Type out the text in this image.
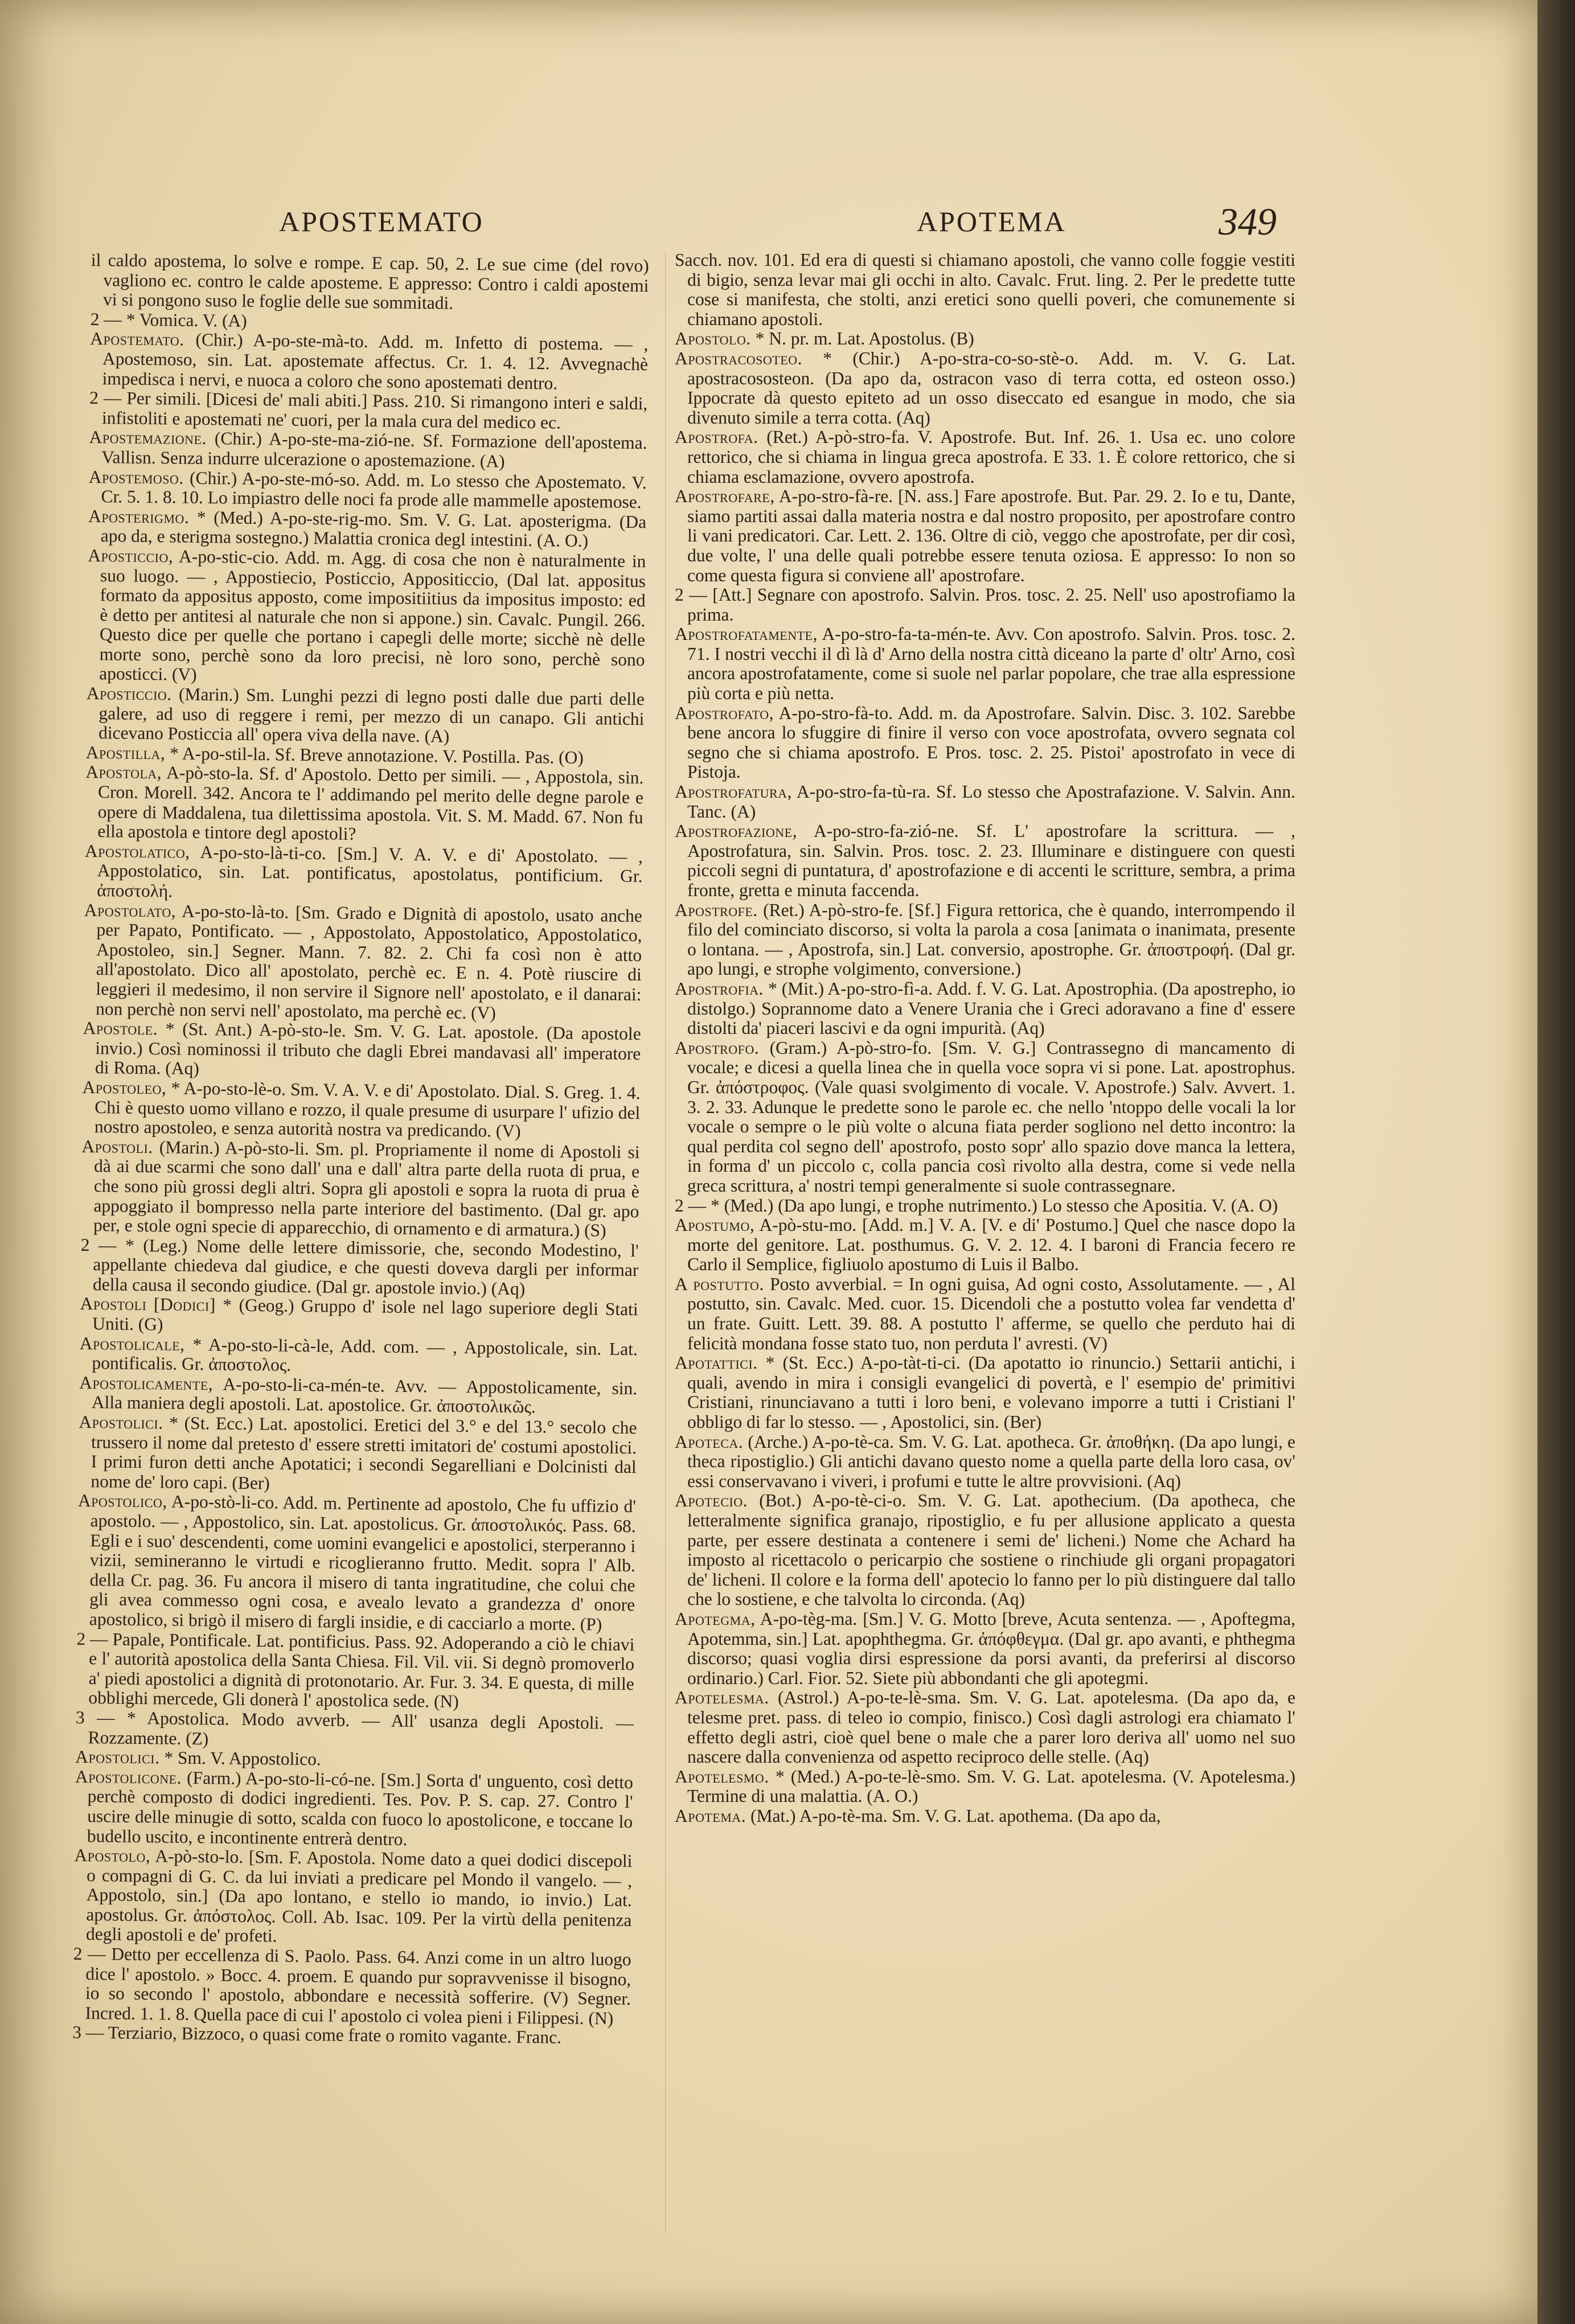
APOSTEMATO	APOTEMA	349

il caldo apostema, lo solve e rompe. E cap. 50, 2. Le sue cime (del rovo) vagliono ec. contro le calde apostemе. E appresso: Contro i caldi apostemi vi si pongono suso le foglie delle sue sommitadi.

2 — * Vomica. V. (A)

Apostemato. (Chir.) A-po-ste-mà-to. Add. m. Infetto di postema. — , Apostemoso, sin. Lat. apostemate affectus. Cr. 1. 4. 12. Avvegnachè impedisca i nervi, e nuoca a coloro che sono apostemati dentro.

2 — Per simili. [Dicesi de' mali abiti.] Pass. 210. Si rimangono interi e saldi, infistoliti e apostemati ne' cuori, per la mala cura del medico ec.

Apostemazione. (Chir.) A-po-ste-ma-zió-ne. Sf. Formazione dell'apostema. Vallisn. Senza indurre ulcerazione o apostemazione. (A)

Apostemoso. (Chir.) A-po-ste-mó-so. Add. m. Lo stesso che Apostemato. V. Cr. 5. 1. 8. 10. Lo impiastro delle noci fa prode alle mammelle apostemose.

Aposterigmo. * (Med.) A-po-ste-rig-mo. Sm. V. G. Lat. aposterigma. (Da apo da, e sterigma sostegno.) Malattia cronica degl intestini. (A. O.)

Aposticcio, A-po-stic-cio. Add. m. Agg. di cosa che non è naturalmente in suo luogo. — , Appostiecio, Posticcio, Appositiccio, (Dal lat. appositus formato da appositus apposto, come impositiitius da impositus imposto: ed è detto per antitesi al naturale che non si appone.) sin. Cavalc. Pungil. 266. Questo dice per quelle che portano i capegli delle morte; sicchè nè delle morte sono, perchè sono da loro precisi, nè loro sono, perchè sono aposticci. (V)

Aposticcio. (Marin.) Sm. Lunghi pezzi di legno posti dalle due parti delle galere, ad uso di reggere i remi, per mezzo di un canapo. Gli antichi dicevano Posticcia all' opera viva della nave. (A)

Apostilla, * A-po-stil-la. Sf. Breve annotazione. V. Postilla. Pas. (O)

Apostola, A-pò-sto-la. Sf. d' Apostolo. Detto per simili. — , Appostola, sin. Cron. Morell. 342. Ancora te l' addimando pel merito delle degne parole e opere di Maddalena, tua dilettissima apostola. Vit. S. M. Madd. 67. Non fu ella apostola e tintore degl apostoli?

Apostolatico, A-po-sto-là-ti-co. [Sm.] V. A. V. e di' Apostolato. — , Appostolatico, sin. Lat. pontificatus, apostolatus, pontificium. Gr. ἀποστολή.

Apostolato, A-po-sto-là-to. [Sm. Grado e Dignità di apostolo, usato anche per Papato, Pontificato. — , Appostolato, Appostolatico, Appostolatico, Apostoleo, sin.] Segner. Mann. 7. 82. 2. Chi fa così non è atto all'apostolato. Dico all' apostolato, perchè ec. E n. 4. Potè riuscire di leggieri il medesimo, il non servire il Signore nell' apostolato, e il danarai: non perchè non servi nell' apostolato, ma perchè ec. (V)

Apostole. * (St. Ant.) A-pò-sto-le. Sm. V. G. Lat. apostole. (Da apostole invio.) Così nominossi il tributo che dagli Ebrei mandavasi all' imperatore di Roma. (Aq)

Apostoleo, * A-po-sto-lè-o. Sm. V. A. V. e di' Apostolato. Dial. S. Greg. 1. 4. Chi è questo uomo villano e rozzo, il quale presume di usurpare l' ufizio del nostro apostoleo, e senza autorità nostra va predicando. (V)

Apostoli. (Marin.) A-pò-sto-li. Sm. pl. Propriamente il nome di Apostoli si dà ai due scarmi che sono dall' una e dall' altra parte della ruota di prua, e che sono più grossi degli altri. Sopra gli apostoli e sopra la ruota di prua è appoggiato il bompresso nella parte interiore del bastimento. (Dal gr. apo per, e stole ogni specie di apparecchio, di ornamento e di armatura.) (S)

2 — * (Leg.) Nome delle lettere dimissorie, che, secondo Modestino, l' appellante chiedeva dal giudice, e che questi doveva dargli per informar della causa il secondo giudice. (Dal gr. apostole invio.) (Aq)

Apostoli [Dodici] * (Geog.) Gruppo d' isole nel lago superiore degli Stati Uniti. (G)

Apostolicale, * A-po-sto-li-cà-le, Add. com. — , Appostolicale, sin. Lat. pontificalis. Gr. ἀποστολος.

Apostolicamente, A-po-sto-li-ca-mén-te. Avv. — Appostolicamente, sin. Alla maniera degli apostoli. Lat. apostolice. Gr. ἀποστολικῶς.

Apostolici. * (St. Ecc.) Lat. apostolici. Eretici del 3.° e del 13.° secolo che trussero il nome dal pretesto d' essere stretti imitatori de' costumi apostolici. I primi furon detti anche Apotatici; i secondi Segarelliani e Dolcinisti dal nome de' loro capi. (Ber)

Apostolico, A-po-stò-li-co. Add. m. Pertinente ad apostolo, Che fu uffizio d' apostolo. — , Appostolico, sin. Lat. apostolicus. Gr. ἀποστολικός. Pass. 68. Egli e i suo' descendenti, come uomini evangelici e apostolici, sterperanno i vizii, semineranno le virtudi e ricoglieranno frutto. Medit. sopra l' Alb. della Cr. pag. 36. Fu ancora il misero di tanta ingratitudine, che colui che gli avea commesso ogni cosa, e avealo levato a grandezza d' onore apostolico, si brigò il misero di fargli insidie, e di cacciarlo a morte. (P)

2 — Papale, Pontificale. Lat. pontificius. Pass. 92. Adoperando a ciò le chiavi e l' autorità apostolica della Santa Chiesa. Fil. Vil. vii. Si degnò promoverlo a' piedi apostolici a dignità di protonotario. Ar. Fur. 3. 34. E questa, di mille obblighi mercede, Gli donerà l' apostolica sede. (N)

3 — * Apostolica. Modo avverb. — All' usanza degli Apostoli. — Rozzamente. (Z)

Apostolici. * Sm. V. Appostolico.

Apostolicone. (Farm.) A-po-sto-li-có-ne. [Sm.] Sorta d' unguento, così detto perchè composto di dodici ingredienti. Tes. Pov. P. S. cap. 27. Contro l' uscire delle minugie di sotto, scalda con fuoco lo apostolicone, e toccane lo budello uscito, e incontinente entrerà dentro.

Apostolo, A-pò-sto-lo. [Sm. F. Apostola. Nome dato a quei dodici discepoli o compagni di G. C. da lui inviati a predicare pel Mondo il vangelo. — , Appostolo, sin.] (Da apo lontano, e stello io mando, io invio.) Lat. apostolus. Gr. ἀπόστολος. Coll. Ab. Isac. 109. Per la virtù della penitenza degli apostoli e de' profeti.

2 — Detto per eccellenza di S. Paolo. Pass. 64. Anzi come in un altro luogo dice l' apostolo. » Bocc. 4. proem. E quando pur sopravvenisse il bisogno, io so secondo l' apostolo, abbondare e necessità sofferire. (V) Segner. Incred. 1. 1. 8. Quella pace di cui l' apostolo ci volea pieni i Filippesi. (N)

3 — Terziario, Bizzoco, o quasi come frate o romito vagante. Franc.

Sacch. nov. 101. Ed era di questi si chiamano apostoli, che vanno colle foggie vestiti di bigio, senza levar mai gli occhi in alto. Cavalc. Frut. ling. 2. Per le predette tutte cose si manifesta, che stolti, anzi eretici sono quelli poveri, che comunemente si chiamano apostoli.

Apostolo. * N. pr. m. Lat. Apostolus. (B)

Apostracosoteo. * (Chir.) A-po-stra-co-so-stè-o. Add. m. V. G. Lat. apostracososteon. (Da apo da, ostracon vaso di terra cotta, ed osteon osso.) Ippocrate dà questo epiteto ad un osso diseccato ed esangue in modo, che sia divenuto simile a terra cotta. (Aq)

Apostrofa. (Ret.) A-pò-stro-fa. V. Apostrofe. But. Inf. 26. 1. Usa ec. uno colore rettorico, che si chiama in lingua greca apostrofa. E 33. 1. È colore rettorico, che si chiama esclamazione, ovvero apostrofa.

Apostrofare, A-po-stro-fà-re. [N. ass.] Fare apostrofe. But. Par. 29. 2. Io e tu, Dante, siamo partiti assai dalla materia nostra e dal nostro proposito, per apostrofare contro li vani predicatori. Car. Lett. 2. 136. Oltre di ciò, veggo che apostrofate, per dir così, due volte, l' una delle quali potrebbe essere tenuta oziosa. E appresso: Io non so come questa figura si conviene all' apostrofare.

2 — [Att.] Segnare con apostrofo. Salvin. Pros. tosc. 2. 25. Nell' uso apostrofiamo la prima.

Apostrofatamente, A-po-stro-fa-ta-mén-te. Avv. Con apostrofo. Salvin. Pros. tosc. 2. 71. I nostri vecchi il dì là d' Arno della nostra città diceano la parte d' oltr' Arno, così ancora apostrofatamente, come si suole nel parlar popolare, che trae alla espressione più corta e più netta.

Apostrofato, A-po-stro-fà-to. Add. m. da Apostrofare. Salvin. Disc. 3. 102. Sarebbe bene ancora lo sfuggire di finire il verso con voce apostrofata, ovvero segnata col segno che si chiama apostrofo. E Pros. tosc. 2. 25. Pistoi' apostrofato in vece di Pistoja.

Apostrofatura, A-po-stro-fa-tù-ra. Sf. Lo stesso che Apostrafazione. V. Salvin. Ann. Tanc. (A)

Apostrofazione, A-po-stro-fa-zió-ne. Sf. L' apostrofare la scrittura. — , Apostrofatura, sin. Salvin. Pros. tosc. 2. 23. Illuminare e distinguere con questi piccoli segni di puntatura, d' apostrofazione e di accenti le scritture, sembra, a prima fronte, gretta e minuta faccenda.

Apostrofe. (Ret.) A-pò-stro-fe. [Sf.] Figura rettorica, che è quando, interrompendo il filo del cominciato discorso, si volta la parola a cosa [animata o inanimata, presente o lontana. — , Apostrofa, sin.] Lat. conversio, apostrophe. Gr. ἀποστροφή. (Dal gr. apo lungi, e strophe volgimento, conversione.)

Apostrofia. * (Mit.) A-po-stro-fì-a. Add. f. V. G. Lat. Apostrophia. (Da apostrepho, io distolgo.) Soprannome dato a Venere Urania che i Greci adoravano a fine d' essere distolti da' piaceri lascivi e da ogni impurità. (Aq)

Apostrofo. (Gram.) A-pò-stro-fo. [Sm. V. G.] Contrassegno di mancamento di vocale; e dicesi a quella linea che in quella voce sopra vi si pone. Lat. apostrophus. Gr. ἀπόστροφος. (Vale quasi svolgimento di vocale. V. Apostrofe.) Salv. Avvert. 1. 3. 2. 33. Adunque le predette sono le parole ec. che nello 'ntoppo delle vocali la lor vocale o sempre o le più volte o alcuna fiata perder sogliono nel detto incontro: la qual perdita col segno dell' apostrofo, posto sopr' allo spazio dove manca la lettera, in forma d' un piccolo c, colla pancia così rivolto alla destra, come si vede nella greca scrittura, a' nostri tempi generalmente si suole contrassegnare.

2 — * (Med.) (Da apo lungi, e trophe nutrimento.) Lo stesso che Apositia. V. (A. O)

Apostumo, A-pò-stu-mo. [Add. m.] V. A. [V. e di' Postumo.] Quel che nasce dopo la morte del genitore. Lat. posthumus. G. V. 2. 12. 4. I baroni di Francia fecero re Carlo il Semplice, figliuolo apostumo di Luis il Balbo.

A postutto. Posto avverbial. = In ogni guisa, Ad ogni costo, Assolutamente. — , Al postutto, sin. Cavalc. Med. cuor. 15. Dicendoli che a postutto volea far vendetta d' un frate. Guitt. Lett. 39. 88. A postutto l' afferme, se quello che perduto hai di felicità mondana fosse stato tuo, non perduta l' avresti. (V)

Apotattici. * (St. Ecc.) A-po-tàt-ti-ci. (Da apotatto io rinuncio.) Settarii antichi, i quali, avendo in mira i consigli evangelici di povertà, e l' esempio de' primitivi Cristiani, rinunciavano a tutti i loro beni, e volevano imporre a tutti i Cristiani l' obbligo di far lo stesso. — , Apostolici, sin. (Ber)

Apoteca. (Arche.) A-po-tè-ca. Sm. V. G. Lat. apotheca. Gr. ἀποθήκη. (Da apo lungi, e theca ripostiglio.) Gli antichi davano questo nome a quella parte della loro casa, ov' essi conservavano i viveri, i profumi e tutte le altre provvisioni. (Aq)

Apotecio. (Bot.) A-po-tè-ci-o. Sm. V. G. Lat. apothecium. (Da apotheca, che letteralmente significa granajo, ripostiglio, e fu per allusione applicato a questa parte, per essere destinata a contenere i semi de' licheni.) Nome che Achard ha imposto al ricettacolo o pericarpio che sostiene o rinchiude gli organi propagatori de' licheni. Il colore e la forma dell' apotecio lo fanno per lo più distinguere dal tallo che lo sostiene, e che talvolta lo circonda. (Aq)

Apotegma, A-po-tèg-ma. [Sm.] V. G. Motto [breve, Acuta sentenza. — , Apoftegma, Apotemma, sin.] Lat. apophthegma. Gr. ἀπόφθεγμα. (Dal gr. apo avanti, e phthegma discorso; quasi voglia dirsi espressione da porsi avanti, da preferirsi al discorso ordinario.) Carl. Fior. 52. Siete più abbondanti che gli apotegmi.

Apotelesma. (Astrol.) A-po-te-lè-sma. Sm. V. G. Lat. apotelesma. (Da apo da, e telesme pret. pass. di teleo io compio, finisco.) Così dagli astrologi era chiamato l' effetto degli astri, cioè quel bene o male che a parer loro deriva all' uomo nel suo nascere dalla convenienza od aspetto reciproco delle stelle. (Aq)

Apotelesmo. * (Med.) A-po-te-lè-smo. Sm. V. G. Lat. apotelesma. (V. Apotelesma.) Termine di una malattia. (A. O.)

Apotema. (Mat.) A-po-tè-ma. Sm. V. G. Lat. apothema. (Da apo da,
